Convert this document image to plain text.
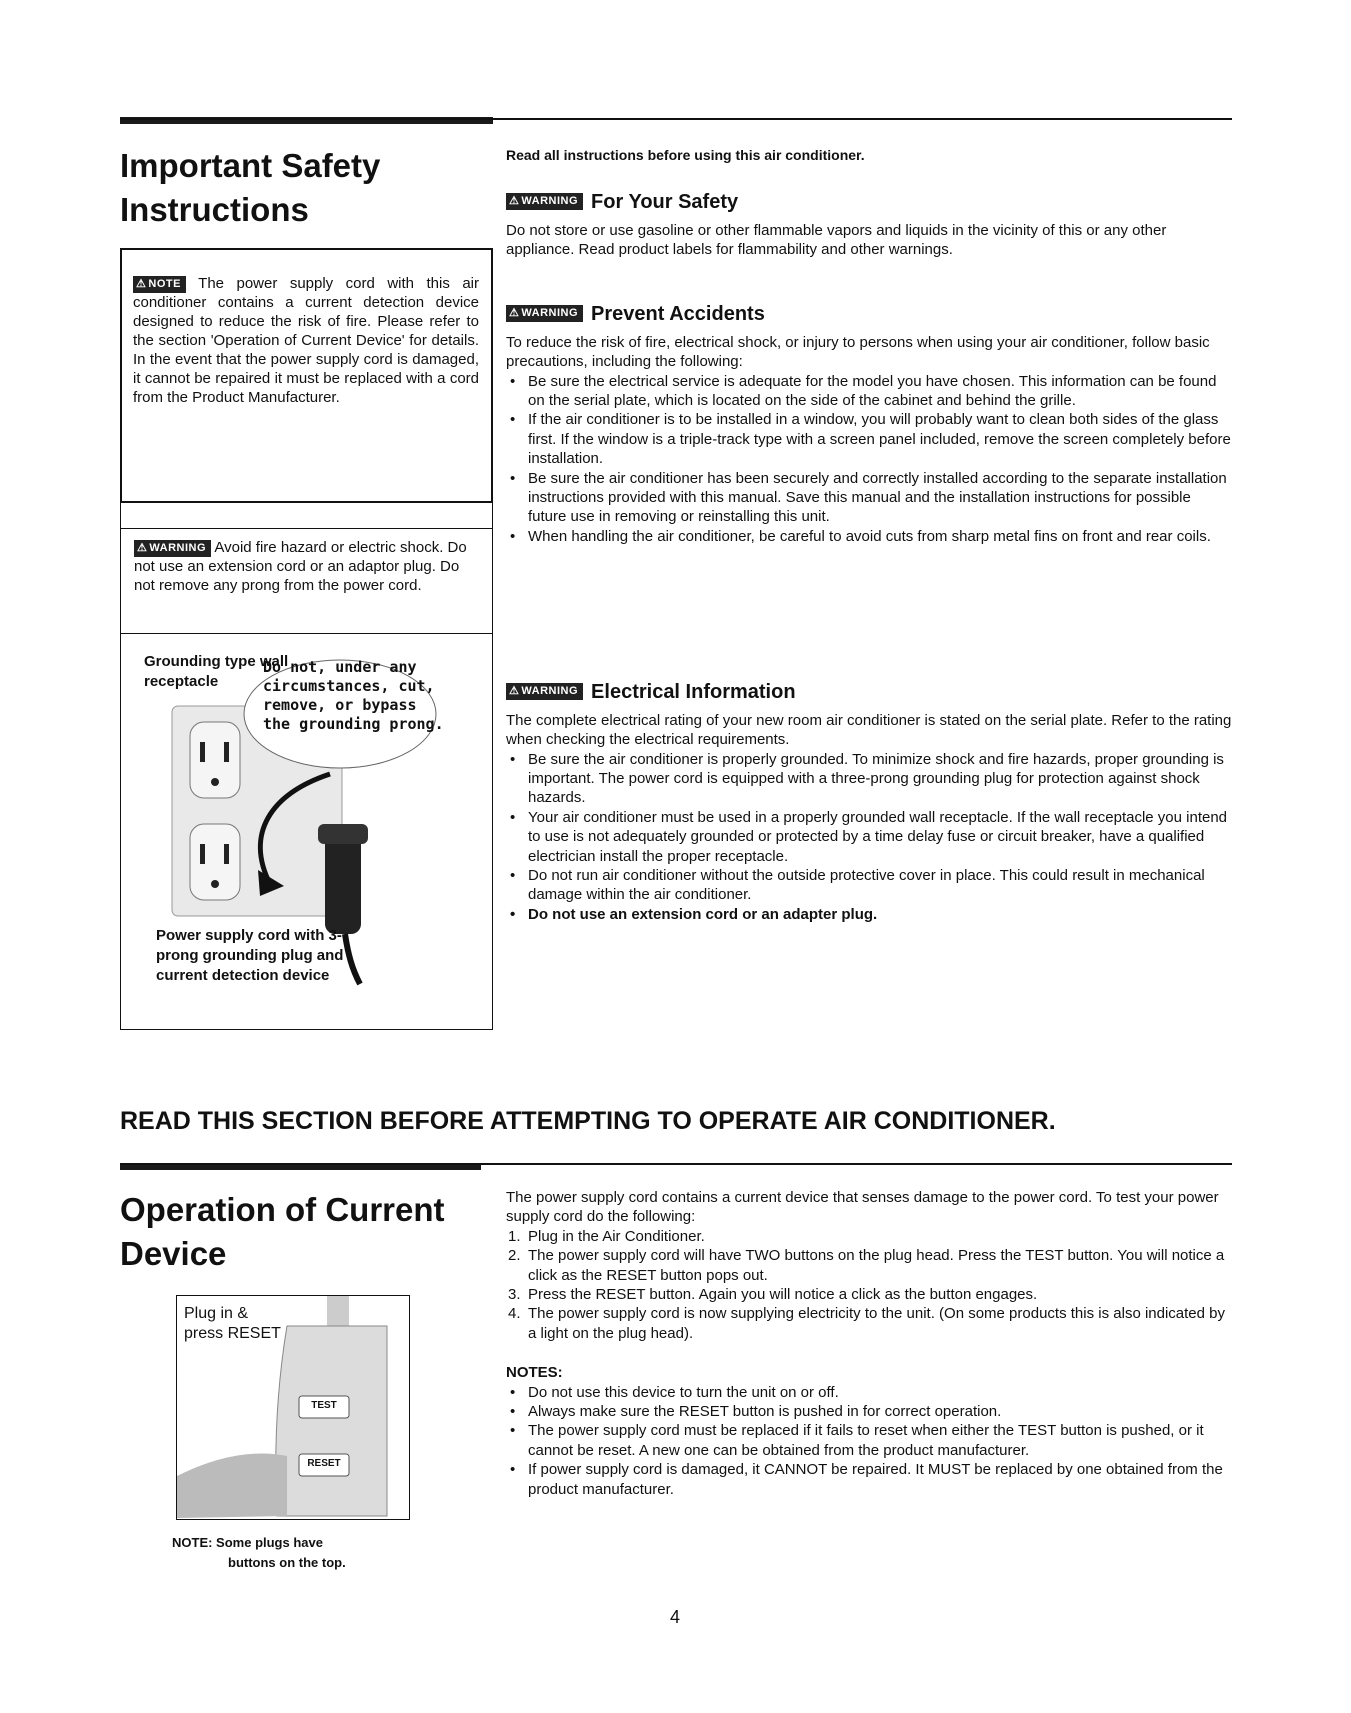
Important Safety
Instructions
⚠ NOTE The power supply cord with this air conditioner contains a current detection device designed to reduce the risk of fire. Please refer to the section 'Operation of Current Device' for details. In the event that the power supply cord is damaged, it cannot be repaired it must be replaced with a cord from the Product Manufacturer.
⚠ WARNING Avoid fire hazard or electric shock. Do not use an extension cord or an adaptor plug. Do not remove any prong from the power cord.
Grounding type wall receptacle
Do not, under any circumstances, cut, remove, or bypass the grounding prong.
Power supply cord with 3-prong grounding plug and current detection device
Read all instructions before using this air conditioner.
⚠ WARNING For Your Safety

Do not store or use gasoline or other flammable vapors and liquids in the vicinity of this or any other appliance. Read product labels for flammability and other warnings.

⚠ WARNING Prevent Accidents

To reduce the risk of fire, electrical shock, or injury to persons when using your air conditioner, follow basic precautions, including the following:

• Be sure the electrical service is adequate for the model you have chosen. This information can be found on the serial plate, which is located on the side of the cabinet and behind the grille.
• If the air conditioner is to be installed in a window, you will probably want to clean both sides of the glass first. If the window is a triple-track type with a screen panel included, remove the screen completely before installation.
• Be sure the air conditioner has been securely and correctly installed according to the separate installation instructions provided with this manual. Save this manual and the installation instructions for possible future use in removing or reinstalling this unit.
• When handling the air conditioner, be careful to avoid cuts from sharp metal fins on front and rear coils.
⚠ WARNING Electrical Information

The complete electrical rating of your new room air conditioner is stated on the serial plate. Refer to the rating when checking the electrical requirements.

• Be sure the air conditioner is properly grounded. To minimize shock and fire hazards, proper grounding is important. The power cord is equipped with a three-prong grounding plug for protection against shock hazards.
• Your air conditioner must be used in a properly grounded wall receptacle. If the wall receptacle you intend to use is not adequately grounded or protected by a time delay fuse or circuit breaker, have a qualified electrician install the proper receptacle.
• Do not run air conditioner without the outside protective cover in place. This could result in mechanical damage within the air conditioner.
• Do not use an extension cord or an adapter plug.
READ THIS SECTION BEFORE ATTEMPTING TO OPERATE AIR CONDITIONER.
Operation of Current
Device
Plug in &
press RESET
TEST
RESET
NOTE: Some plugs have
buttons on the top.

The power supply cord contains a current device that senses damage to the power cord. To test your power supply cord do the following:

1. Plug in the Air Conditioner.
2. The power supply cord will have TWO buttons on the plug head. Press the TEST button. You will notice a click as the RESET button pops out.
3. Press the RESET button. Again you will notice a click as the button engages.
4. The power supply cord is now supplying electricity to the unit. (On some products this is also indicated by a light on the plug head).

NOTES:

• Do not use this device to turn the unit on or off.
• Always make sure the RESET button is pushed in for correct operation.
• The power supply cord must be replaced if it fails to reset when either the TEST button is pushed, or it cannot be reset. A new one can be obtained from the product manufacturer.
• If power supply cord is damaged, it CANNOT be repaired. It MUST be replaced by one obtained from the product manufacturer.
4
